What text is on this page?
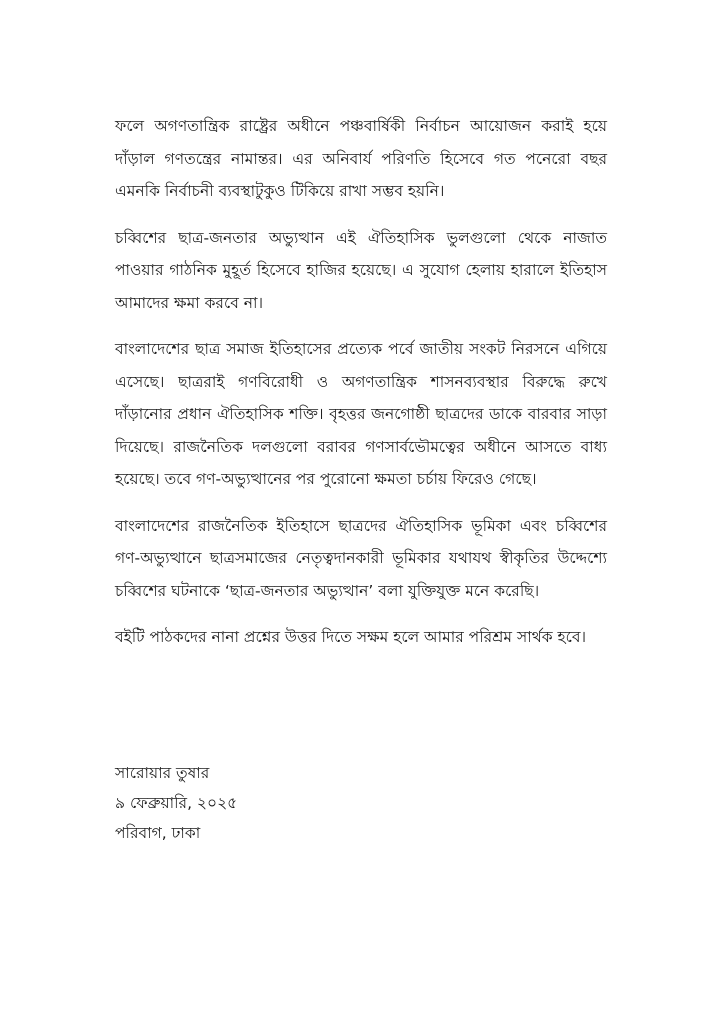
ফলে অগণতান্ত্রিক রাষ্ট্রের অধীনে পঞ্চবার্ষিকী নির্বাচন আয়োজন করাই হয়ে দাঁড়াল গণতন্ত্রের নামান্তর। এর অনিবার্য পরিণতি হিসেবে গত পনেরো বছর এমনকি নির্বাচনী ব্যবস্থাটুকুও টিকিয়ে রাখা সম্ভব হয়নি।

চব্বিশের ছাত্র-জনতার অভ্যুত্থান এই ঐতিহাসিক ভুলগুলো থেকে নাজাত পাওয়ার গাঠনিক মুহূর্ত হিসেবে হাজির হয়েছে। এ সুযোগ হেলায় হারালে ইতিহাস আমাদের ক্ষমা করবে না।

বাংলাদেশের ছাত্র সমাজ ইতিহাসের প্রত্যেক পর্বে জাতীয় সংকট নিরসনে এগিয়ে এসেছে। ছাত্ররাই গণবিরোধী ও অগণতান্ত্রিক শাসনব্যবস্থার বিরুদ্ধে রুখে দাঁড়ানোর প্রধান ঐতিহাসিক শক্তি। বৃহত্তর জনগোষ্ঠী ছাত্রদের ডাকে বারবার সাড়া দিয়েছে। রাজনৈতিক দলগুলো বরাবর গণসার্বভৌমত্বের অধীনে আসতে বাধ্য হয়েছে। তবে গণ-অভ্যুত্থানের পর পুরোনো ক্ষমতা চর্চায় ফিরেও গেছে।

বাংলাদেশের রাজনৈতিক ইতিহাসে ছাত্রদের ঐতিহাসিক ভূমিকা এবং চব্বিশের গণ-অভ্যুত্থানে ছাত্রসমাজের নেতৃত্বদানকারী ভূমিকার যথাযথ স্বীকৃতির উদ্দেশ্যে চব্বিশের ঘটনাকে ‘ছাত্র-জনতার অভ্যুত্থান’ বলা যুক্তিযুক্ত মনে করেছি।

বইটি পাঠকদের নানা প্রশ্নের উত্তর দিতে সক্ষম হলে আমার পরিশ্রম সার্থক হবে।

সারোয়ার তুষার

৯ ফেব্রুয়ারি, ২০২৫

পরিবাগ, ঢাকা
